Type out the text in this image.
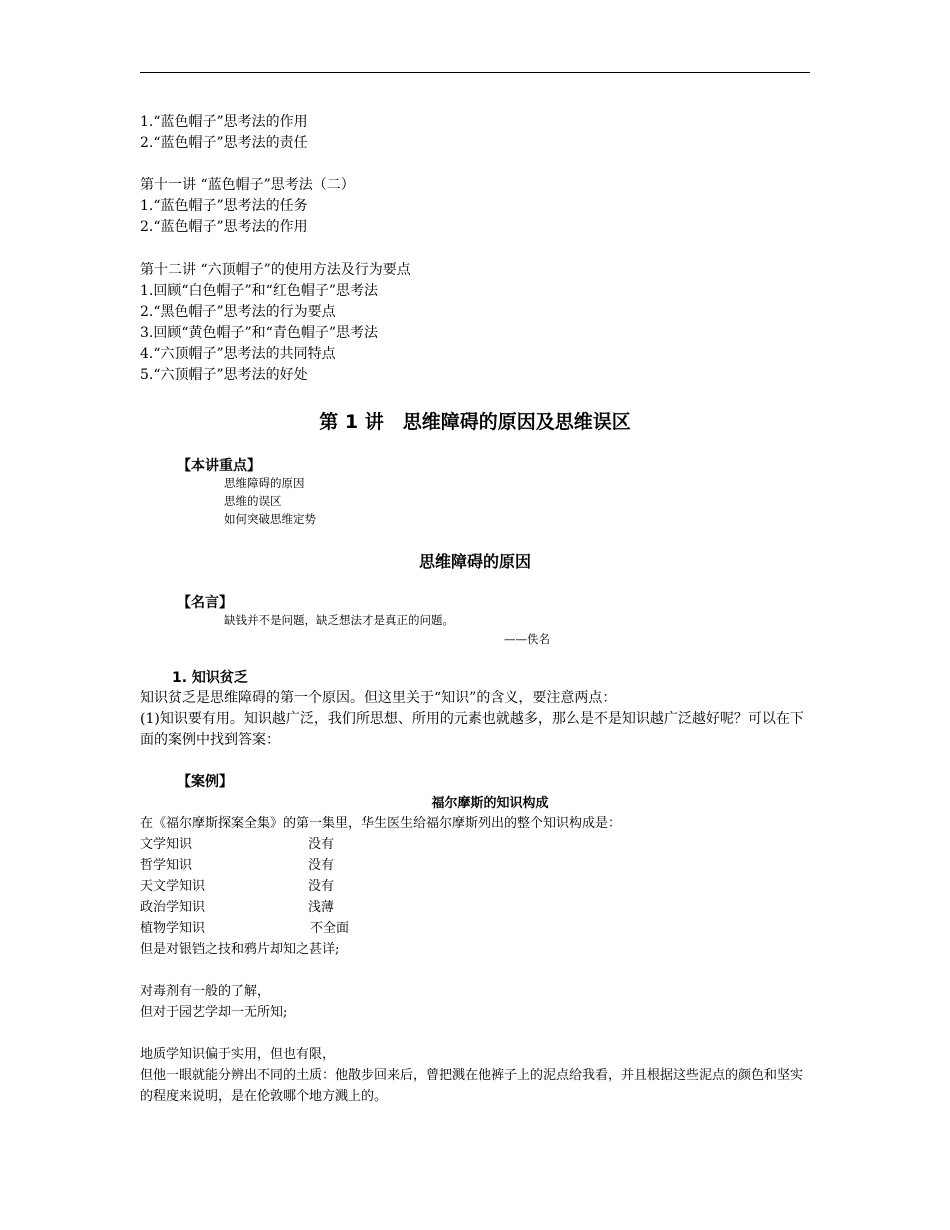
1.“蓝色帽子”思考法的作用
2.“蓝色帽子”思考法的责任
第十一讲 “蓝色帽子”思考法（二）
1.“蓝色帽子”思考法的任务
2.“蓝色帽子”思考法的作用
第十二讲 “六顶帽子”的使用方法及行为要点
1.回顾“白色帽子”和“红色帽子”思考法
2.“黑色帽子”思考法的行为要点
3.回顾“黄色帽子”和“青色帽子”思考法
4.“六顶帽子”思考法的共同特点
5.“六顶帽子”思考法的好处
第 1 讲　思维障碍的原因及思维误区
【本讲重点】
思维障碍的原因
思维的误区
如何突破思维定势
思维障碍的原因
【名言】
缺钱并不是问题，缺乏想法才是真正的问题。
——佚名
1. 知识贫乏
知识贫乏是思维障碍的第一个原因。但这里关于“知识”的含义，要注意两点：
(1)知识要有用。知识越广泛，我们所思想、所用的元素也就越多，那么是不是知识越广泛越好呢？可以在下面的案例中找到答案：
【案例】
福尔摩斯的知识构成
在《福尔摩斯探案全集》的第一集里，华生医生给福尔摩斯列出的整个知识构成是：
文学知识	没有
哲学知识	没有
天文学知识	没有
政治学知识	浅薄
植物学知识	不全面
但是对银铛之技和鸦片却知之甚详;
对毒剂有一般的了解，
但对于园艺学却一无所知;
地质学知识偏于实用，但也有限，
但他一眼就能分辨出不同的土质：他散步回来后，曾把溅在他裤子上的泥点给我看，并且根据这些泥点的颜色和坚实的程度来说明，是在伦敦哪个地方溅上的。
